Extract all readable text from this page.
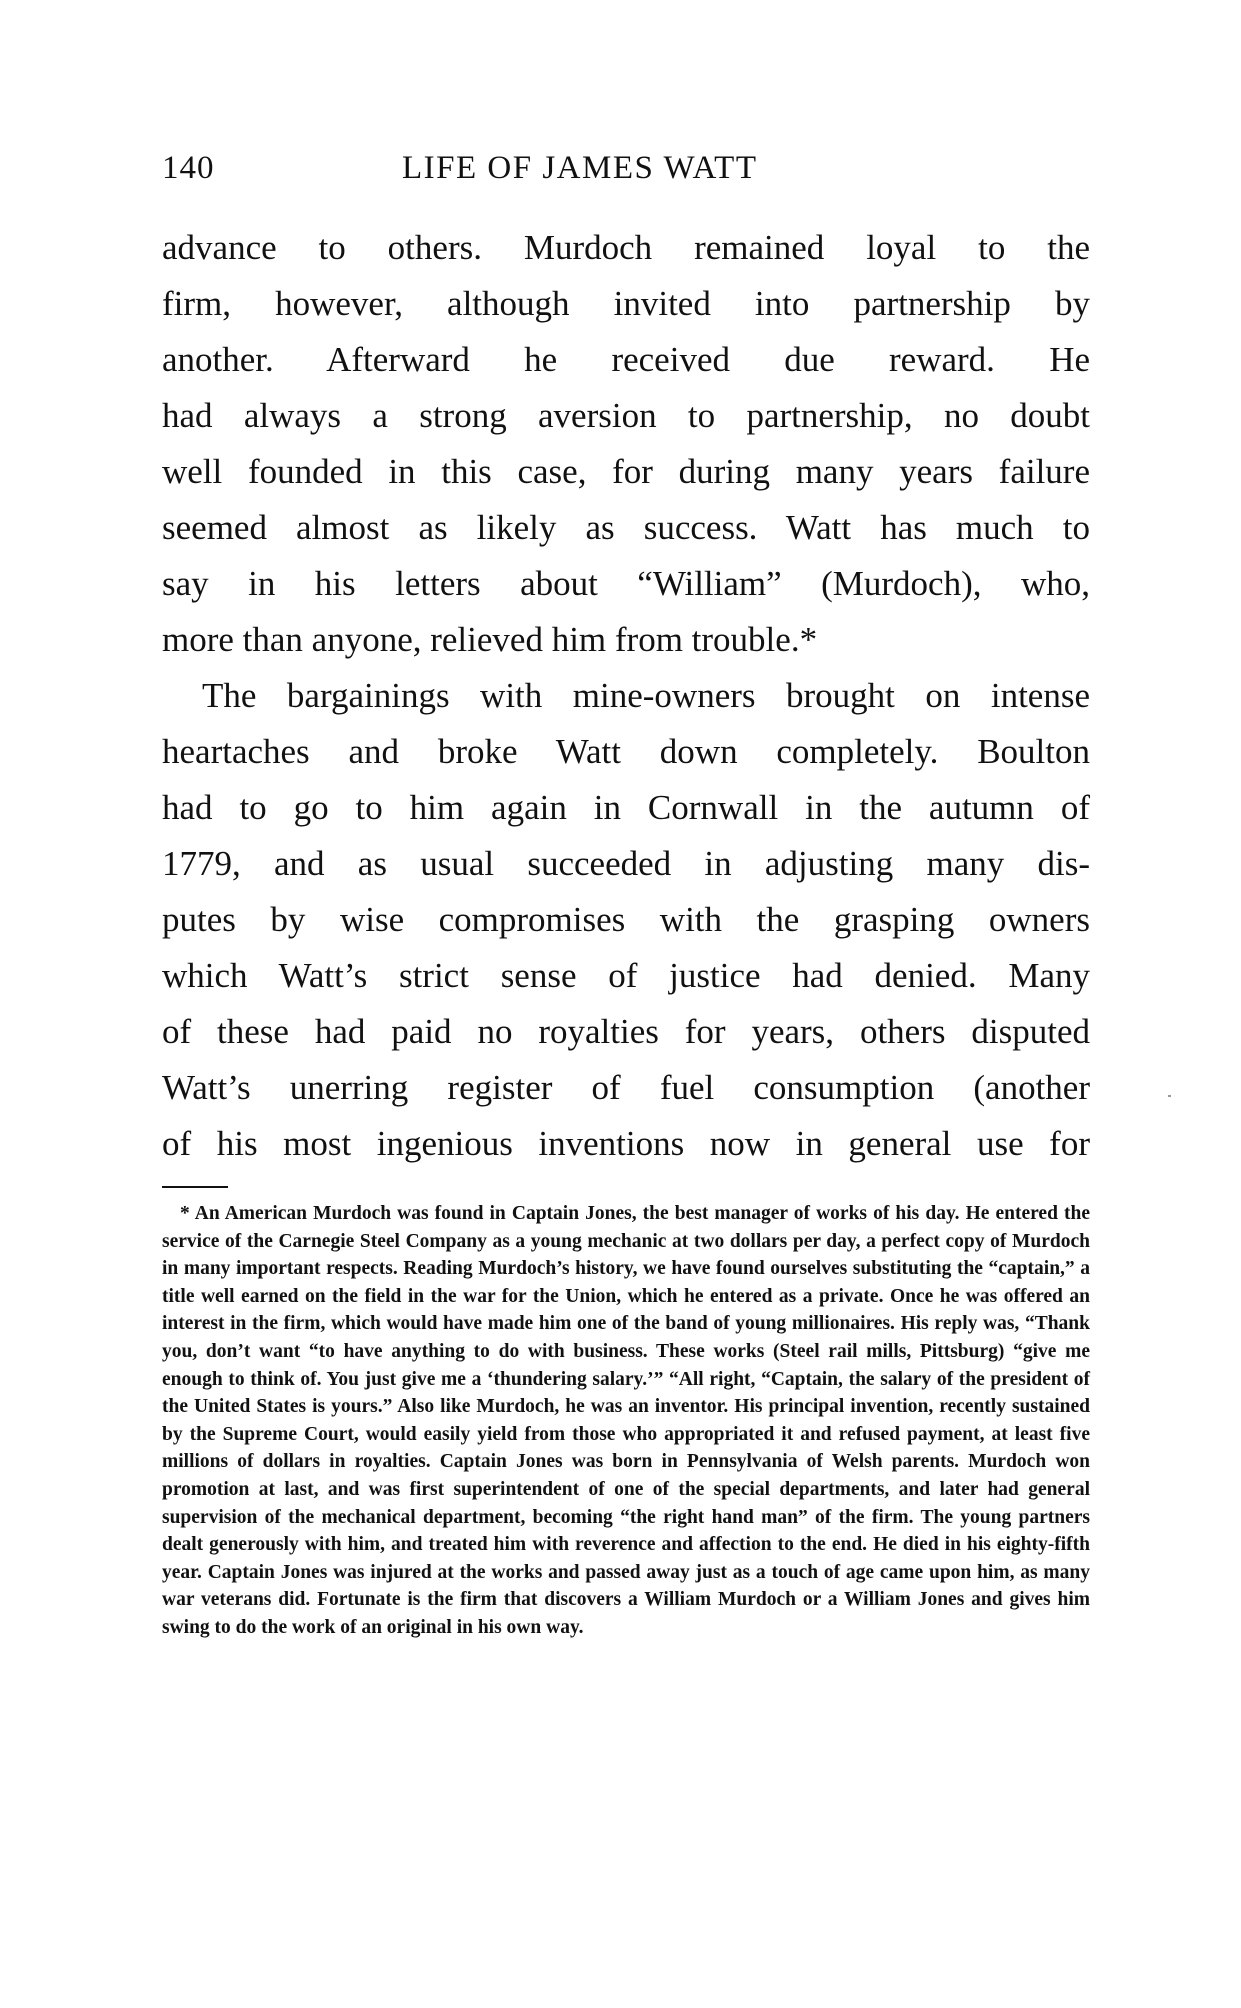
140	LIFE OF JAMES WATT
advance to others. Murdoch remained loyal to the
firm, however, although invited into partnership by
another. Afterward he received due reward. He
had always a strong aversion to partnership, no doubt
well founded in this case, for during many years failure
seemed almost as likely as success. Watt has much to
say in his letters about “William” (Murdoch), who,
more than anyone, relieved him from trouble.*
The bargainings with mine-owners brought on intense
heartaches and broke Watt down completely. Boulton
had to go to him again in Cornwall in the autumn of
1779, and as usual succeeded in adjusting many dis-
putes by wise compromises with the grasping owners
which Watt’s strict sense of justice had denied. Many
of these had paid no royalties for years, others disputed
Watt’s unerring register of fuel consumption (another
of his most ingenious inventions now in general use for
* An American Murdoch was found in Captain Jones, the best manager of works of his day. He entered the service of the Carnegie Steel Company as a young mechanic at two dollars per day, a perfect copy of Murdoch in many important respects. Reading Murdoch’s history, we have found ourselves substituting the “captain,” a title well earned on the field in the war for the Union, which he entered as a private. Once he was offered an interest in the firm, which would have made him one of the band of young millionaires. His reply was, “Thank you, don’t want “to have anything to do with business. These works (Steel rail mills, Pittsburg) “give me enough to think of. You just give me a ‘thundering salary.’” “All right, “Captain, the salary of the president of the United States is yours.” Also like Murdoch, he was an inventor. His principal invention, recently sustained by the Supreme Court, would easily yield from those who appropriated it and refused payment, at least five millions of dollars in royalties. Captain Jones was born in Pennsylvania of Welsh parents. Murdoch won promotion at last, and was first superintendent of one of the special departments, and later had general supervision of the mechanical department, becoming “the right hand man” of the firm. The young partners dealt generously with him, and treated him with reverence and affection to the end. He died in his eighty-fifth year. Captain Jones was injured at the works and passed away just as a touch of age came upon him, as many war veterans did. Fortunate is the firm that discovers a William Murdoch or a William Jones and gives him swing to do the work of an original in his own way.
